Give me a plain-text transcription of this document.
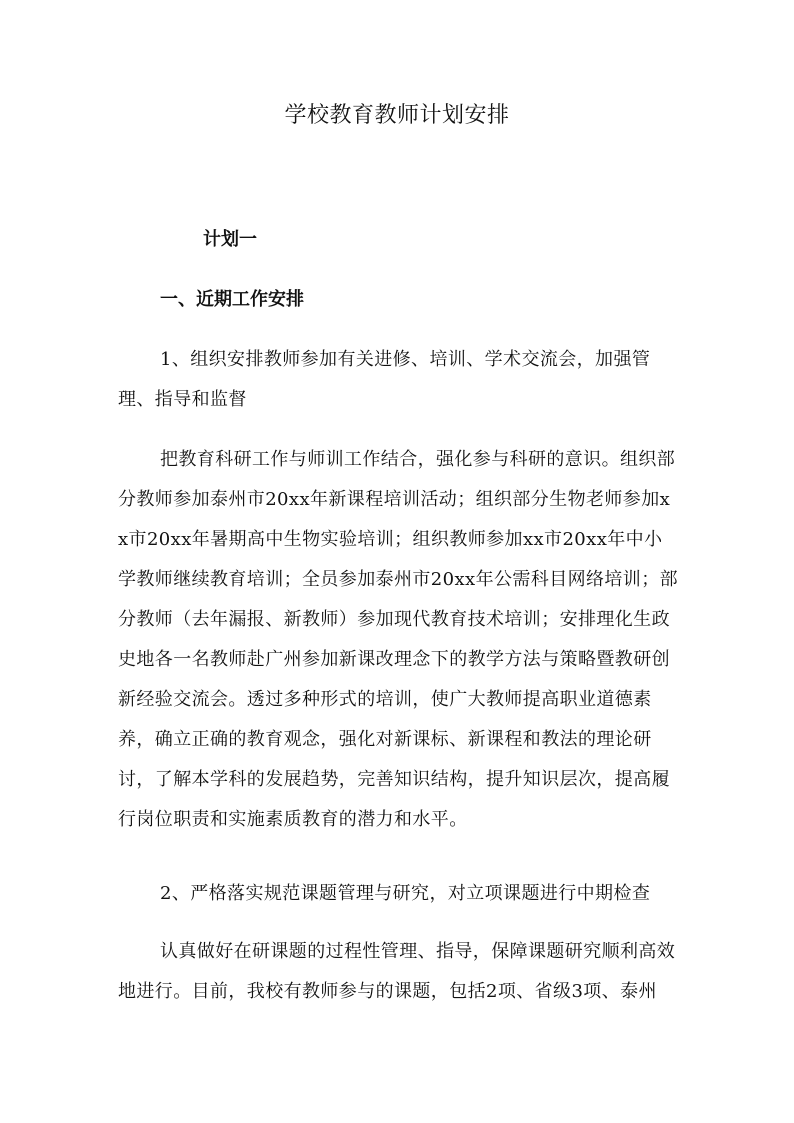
学校教育教师计划安排
计划一
一、近期工作安排

1、组织安排教师参加有关进修、培训、学术交流会，加强管理、指导和监督

把教育科研工作与师训工作结合，强化参与科研的意识。组织部分教师参加泰州市20xx年新课程培训活动；组织部分生物老师参加xx市20xx年暑期高中生物实验培训；组织教师参加xx市20xx年中小学教师继续教育培训；全员参加泰州市20xx年公需科目网络培训；部分教师（去年漏报、新教师）参加现代教育技术培训；安排理化生政史地各一名教师赴广州参加新课改理念下的教学方法与策略暨教研创新经验交流会。透过多种形式的培训，使广大教师提高职业道德素养，确立正确的教育观念，强化对新课标、新课程和教法的理论研讨，了解本学科的发展趋势，完善知识结构，提升知识层次，提高履行岗位职责和实施素质教育的潜力和水平。

2、严格落实规范课题管理与研究，对立项课题进行中期检查

认真做好在研课题的过程性管理、指导，保障课题研究顺利高效地进行。目前，我校有教师参与的课题，包括2项、省级3项、泰州
